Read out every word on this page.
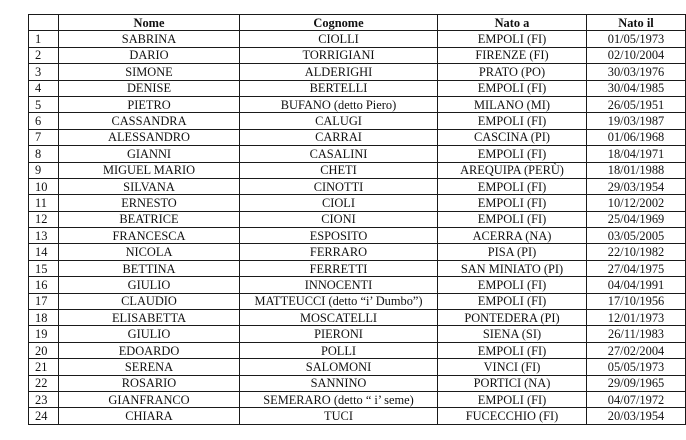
	Nome	Cognome	Nato a	Nato il
1	SABRINA	CIOLLI	EMPOLI (FI)	01/05/1973
2	DARIO	TORRIGIANI	FIRENZE (FI)	02/10/2004
3	SIMONE	ALDERIGHI	PRATO (PO)	30/03/1976
4	DENISE	BERTELLI	EMPOLI (FI)	30/04/1985
5	PIETRO	BUFANO (detto Piero)	MILANO (MI)	26/05/1951
6	CASSANDRA	CALUGI	EMPOLI (FI)	19/03/1987
7	ALESSANDRO	CARRAI	CASCINA (PI)	01/06/1968
8	GIANNI	CASALINI	EMPOLI (FI)	18/04/1971
9	MIGUEL MARIO	CHETI	AREQUIPA (PERÙ)	18/01/1988
10	SILVANA	CINOTTI	EMPOLI (FI)	29/03/1954
11	ERNESTO	CIOLI	EMPOLI (FI)	10/12/2002
12	BEATRICE	CIONI	EMPOLI (FI)	25/04/1969
13	FRANCESCA	ESPOSITO	ACERRA (NA)	03/05/2005
14	NICOLA	FERRARO	PISA (PI)	22/10/1982
15	BETTINA	FERRETTI	SAN MINIATO (PI)	27/04/1975
16	GIULIO	INNOCENTI	EMPOLI (FI)	04/04/1991
17	CLAUDIO	MATTEUCCI (detto “i’ Dumbo”)	EMPOLI (FI)	17/10/1956
18	ELISABETTA	MOSCATELLI	PONTEDERA (PI)	12/01/1973
19	GIULIO	PIERONI	SIENA (SI)	26/11/1983
20	EDOARDO	POLLI	EMPOLI (FI)	27/02/2004
21	SERENA	SALOMONI	VINCI (FI)	05/05/1973
22	ROSARIO	SANNINO	PORTICI (NA)	29/09/1965
23	GIANFRANCO	SEMERARO (detto “ i’ seme)	EMPOLI (FI)	04/07/1972
24	CHIARA	TUCI	FUCECCHIO (FI)	20/03/1954
